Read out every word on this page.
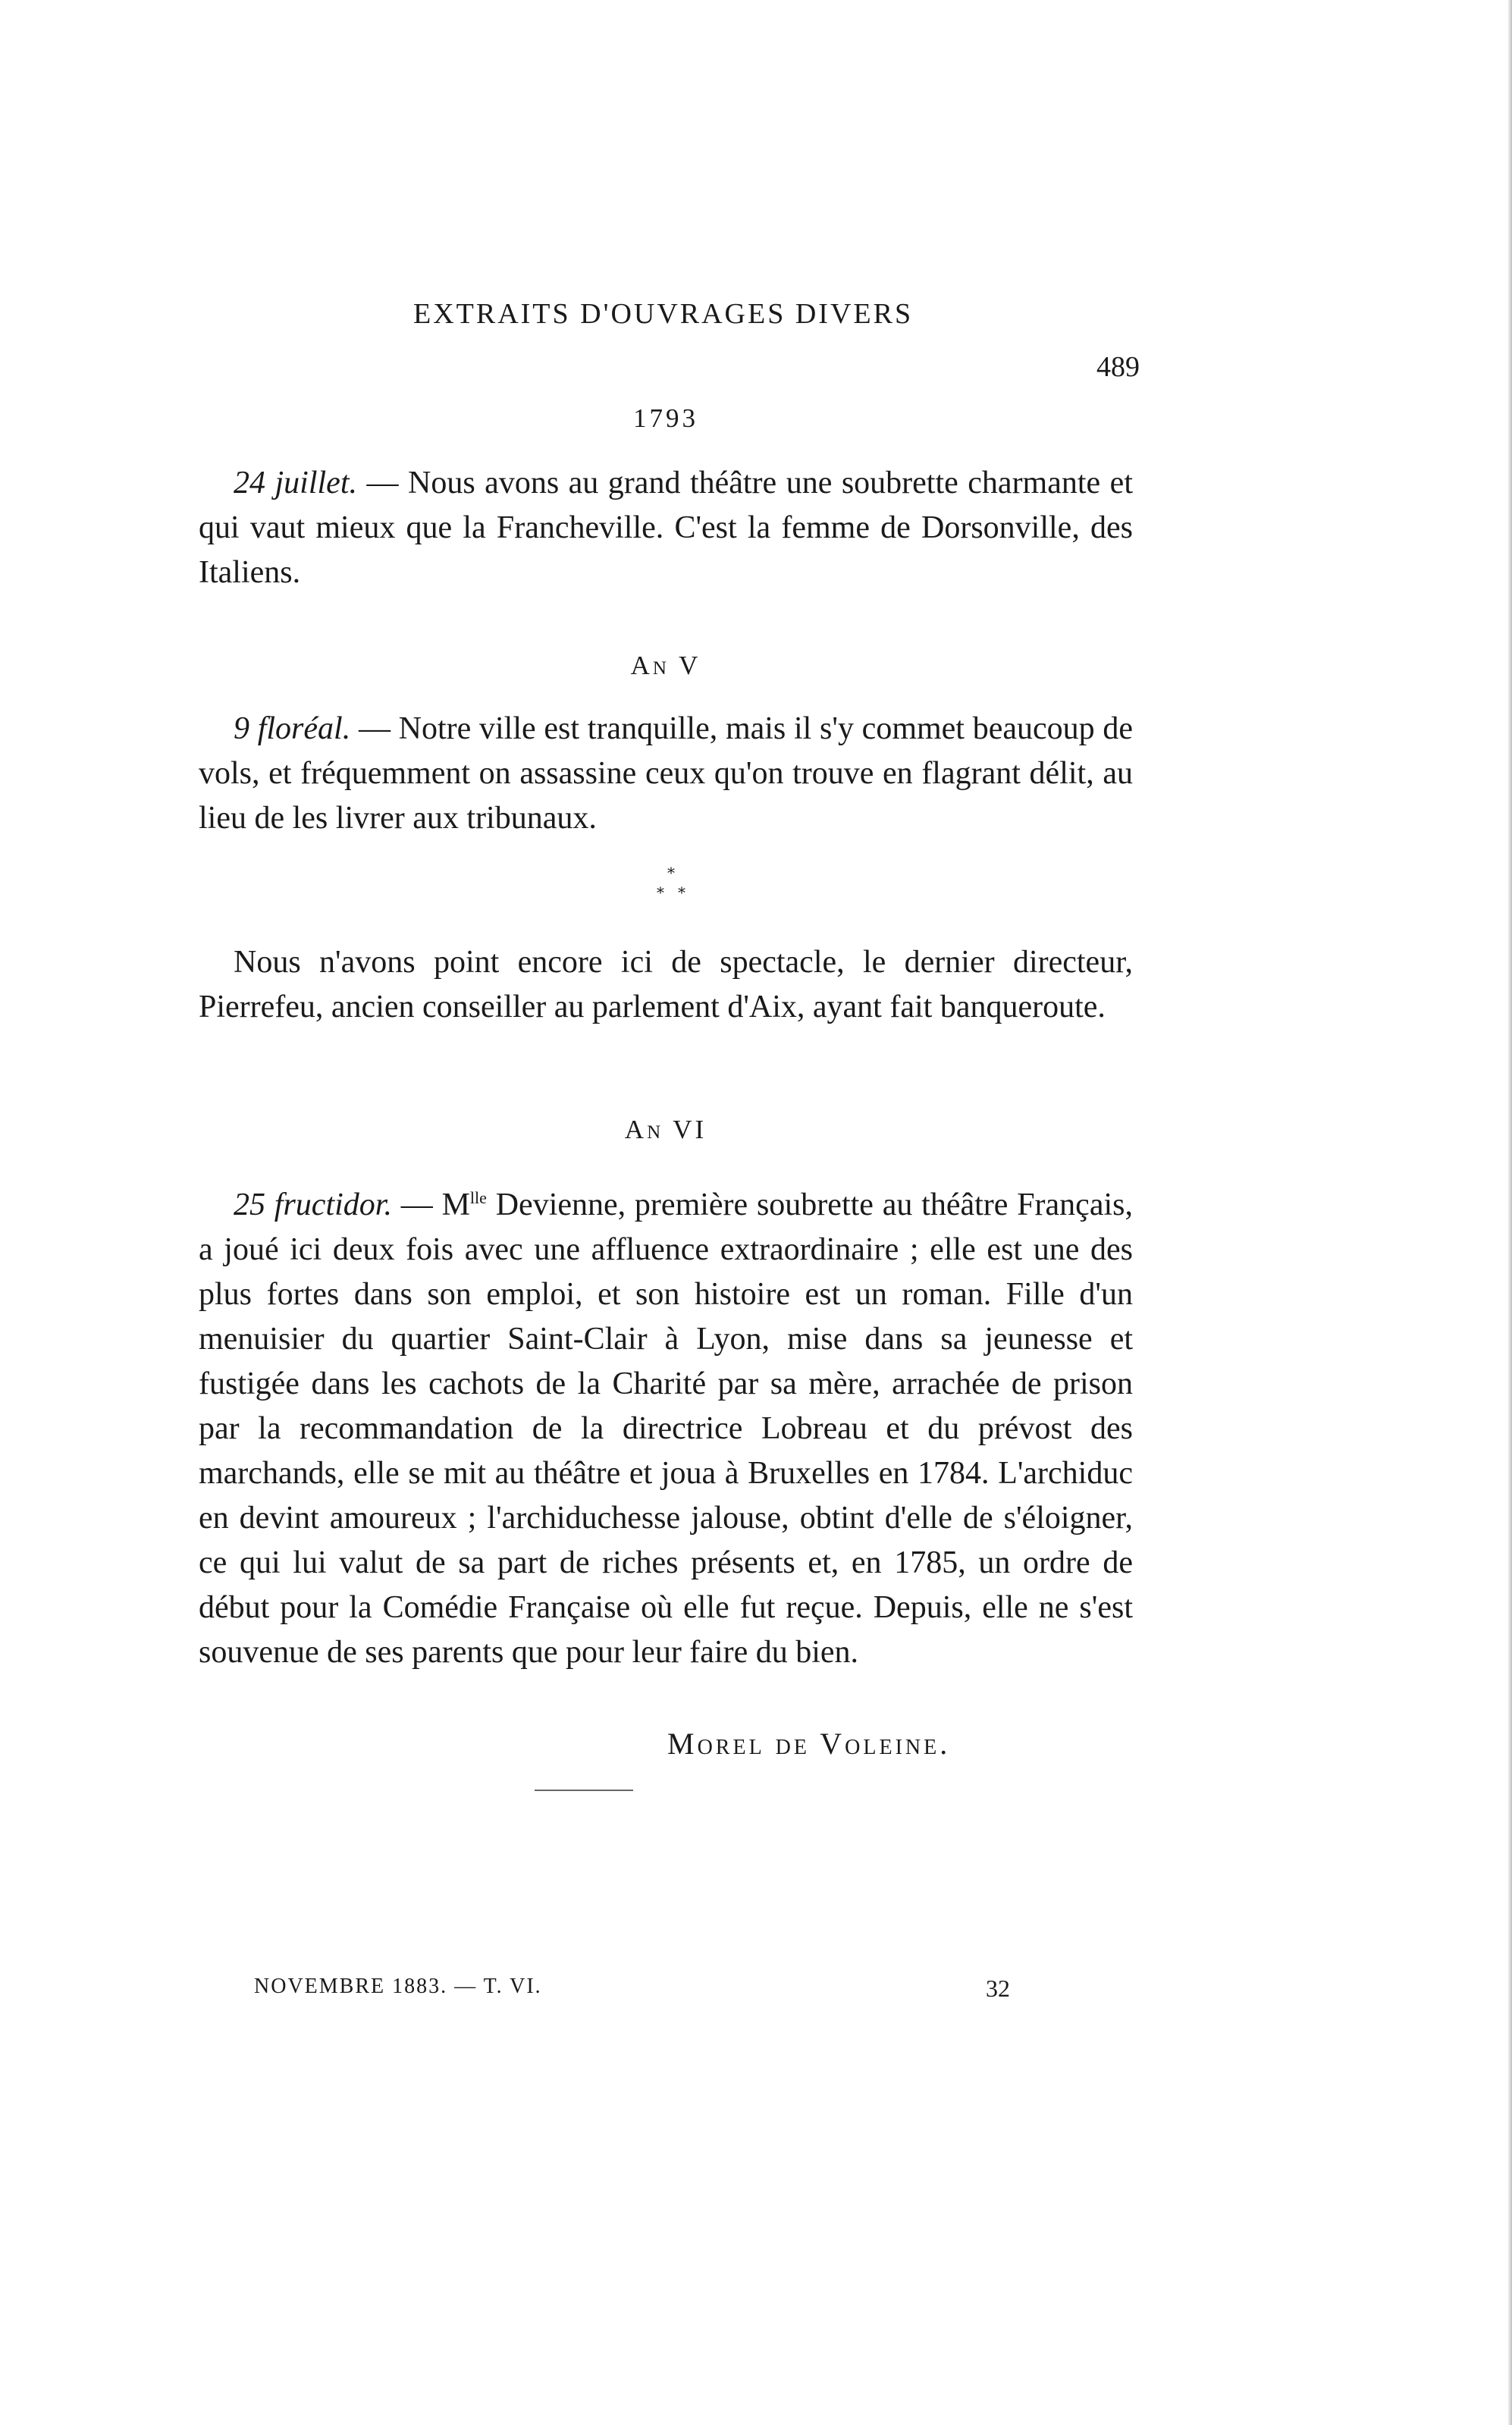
EXTRAITS D'OUVRAGES DIVERS
489
1793

24 juillet. — Nous avons au grand théâtre une soubrette charmante et qui vaut mieux que la Francheville. C'est la femme de Dorsonville, des Italiens.

An V

9 floréal. — Notre ville est tranquille, mais il s'y commet beaucoup de vols, et fréquemment on assassine ceux qu'on trouve en flagrant délit, au lieu de les livrer aux tribunaux.

*
* *

Nous n'avons point encore ici de spectacle, le dernier directeur, Pierrefeu, ancien conseiller au parlement d'Aix, ayant fait banqueroute.

An VI

25 fructidor. — $M^{lle}$ Devienne, première soubrette au théâtre Français, a joué ici deux fois avec une affluence extraordinaire ; elle est une des plus fortes dans son emploi, et son histoire est un roman. Fille d'un menuisier du quartier Saint-Clair à Lyon, mise dans sa jeunesse et fustigée dans les cachots de la Charité par sa mère, arrachée de prison par la recommandation de la directrice Lobreau et du prévost des marchands, elle se mit au théâtre et joua à Bruxelles en 1784. L'archiduc en devint amoureux ; l'archiduchesse jalouse, obtint d'elle de s'éloigner, ce qui lui valut de sa part de riches présents et, en 1785, un ordre de début pour la Comédie Française où elle fut reçue. Depuis, elle ne s'est souvenue de ses parents que pour leur faire du bien.

Morel de Voleine.
NOVEMBRE 1883. — T. VI.	32
